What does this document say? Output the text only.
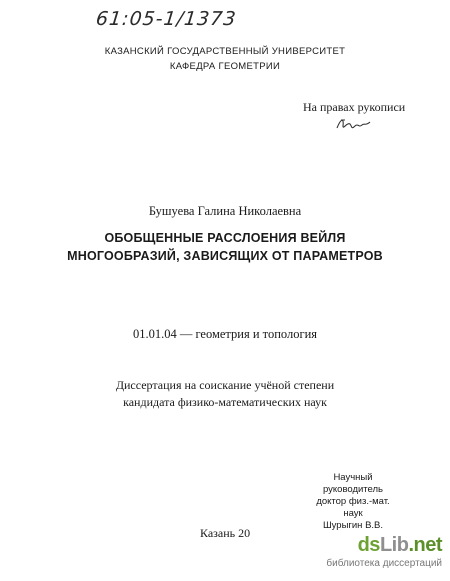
61:05-1/1373
КАЗАНСКИЙ ГОСУДАРСТВЕННЫЙ УНИВЕРСИТЕТ
КАФЕДРА ГЕОМЕТРИИ
На правах рукописи
Бушуева Галина Николаевна
ОБОБЩЕННЫЕ РАССЛОЕНИЯ ВЕЙЛЯ
МНОГООБРАЗИЙ, ЗАВИСЯЩИХ ОТ ПАРАМЕТРОВ
01.01.04 — геометрия и топология
Диссертация на соискание учёной степени
кандидата физико-математических наук
Научный руководитель
доктор физ.-мат. наук
Шурыгин В.В.
Казань 20
dsLib.net
библиотека диссертаций
